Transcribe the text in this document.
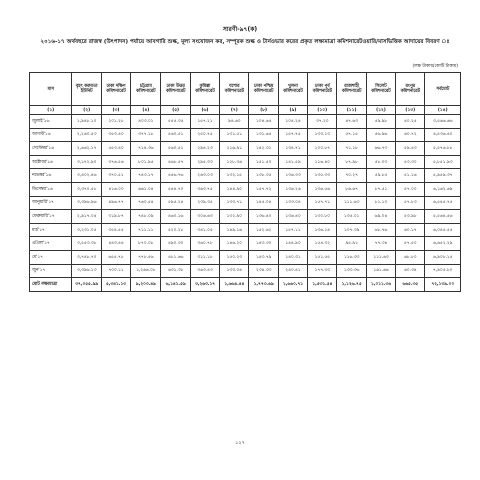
সারণী-৯৭(ক)
২০১৬-১৭ অর্থবছরে রাজস্ব (উৎপাদন) পর্যায়ে আবগারি শুল্ক, মূল্য সংযোজন কর, সম্পূরক শুল্ক ও টার্নওভার করের প্রকৃত লক্ষ্যমাত্রা কমিশনারেটওয়ারি/মাসভিত্তিক আদায়ের বিবরণ ঃ
(লক্ষ টাকায়/কোটি টাকায়)
মাস	বৃহৎ করদাতা ইউনিট	ঢাকা দক্ষিণ কমিশনারেট	চট্টগ্রাম কমিশনারেট	ঢাকা উত্তর কমিশনারেট	কুমিল্লা কমিশনারেট	যশোর কমিশনারেট	ঢাকা পশ্চিম কমিশনারেট	খুলনা কমিশনারেট	ঢাকা পূর্ব কমিশনারেট	রাজশাহী কমিশনারেট	সিলেট কমিশনারেট	রংপুর কমিশনারেট	সর্বমোট
(১)	(২)	(৩)	(৪)	(৫)	(৬)	(৭)	(৮)	(৯)	(১০)	(১১)	(১২)	(১৩)	(১৪)
জুলাই'১৬	১,৯৪৮.১০	২০১.২৮	৪০৩.০১	৫৫৫.৩৫	১৫৭.২১	৯৪.৬০	১০৪.৬৫	১০৪.২৪	৩৭.২০	৪৭.৬৩	৫৯.৯৮	৪০.২৫	৩,৫৬৬.৬৬
আগস্ট'১৬	২,২৬০.৫৩	৩৫৩.৪০	৩৭৭.১৮	৫৬০.৫১	২৫০.৭৫	১৩১.৫১	১৩১.৬৫	১৫৭.৭৫	১৩৩.১৩	৫৭.১৫	৫৬.৯৬	৬০.৭২	৪,৫৩৬.৪০
সেপ্টেম্বর'১৬	২,৬৬২.১৭	৫৫৩.৪০	৭১৪.৩৬	৫৬০.৫১	২৯৪.২৩	২১৬.৯১	১৪২.৩১	১৩৪.৭১	১০০.৮৭	৭১.১৮	৬৬.৭৩	৫৯.৪৩	৫,৫৭৬.৮৮
অক্টোবর'১৬	৩,১৭২.৯০	৩৭৬.৫৬	৮০১.৯৫	৪৬৮.৫৭	২৯৫.৩৩	১২৮.৩৬	১৫১.৫০	১৪১.৫৯	১১৬.৪০	৮৭.৯৮	৫৮.০৩	৫৩.৩০	৫,৮৫১.৯৩
নভেম্বর'১৬	৩,৪০২.৪৬	৩৭০.৫১	৭৪৩.১৭	৪৫৬.৭৬	২৬৩.০৩	১৩২.১৫	১৩৮.৩৫	১৩৬.৩৩	১৩৫.৩৩	৭০.২৭	৫৯.৮৫	৫১.১৬	৫,৯৫৯.৩৭
ডিসেম্বর'১৬	৩,৩৭০.৫৮	৪১৬.০০	৬৬১.০৪	৫৪৪.৭০	৩৬৩.৭৫	১৪৪.৯০	১৫৭.৭২	১৩৬.২৬	১৩৬.৫৬	৮৬.৬৭	৮৭.৫১	৫৭.০০	৬,১৬২.৬৯
জানুয়ারি'১৭	৩,৩৯৬.৯৬	৪৯৬.৭৭	৭৬০.৫৪	৫৯৫.২৪	২৩৯.৩৫	১৩৩.৭১	১৪৫.০৪	১৩৩.০৪	১৫৭.৭১	১১১.৬৩	৮১.১০	৫৭.৮৩	৬,৫৪৫.৭৫
ফেব্রুয়ারি'১৭	২,৯১৭.০৪	৩১৯.৮৭	৭৪৮.০৯	৪৬০.১৬	৩০৬.৬৩	১৩২.৯০	১৩৬.৪০	১৩৬.৪০	১৩০.৮০	১৩৫.০১	৬৯.০৪	৫৩.৯৮	৫,৫৬৪.৫৬
মার্চ'১৭	৩,২৩১.০৫	৩৫৪.৫৫	৭১১.১১	৫২০.২৮	৩৪১.০৫	১৪৯.১৬	১৫২.৬২	১৫৭.১১	১৩৬.১৪	১০৭.৩৯	৬৮.৭৬	৬০.১৭	৬,০৪৫.৫৫
এপ্রিল'১৭	৩,৫৫৩.৩৮	৪৪৩.৪৪	৮৭০.০৮	৪৯০.৩০	৩৬০.৭৮	১৪৬.২০	১৪৩.৩০	১৪৪.৯০	১৫৪.৩২	৯৫.৯১	৭৭.৩৪	৫৭.৫০	৬,৬৫২.২৯
মে'১৭	৩,৭৪৮.৭০	৬৫৫.৭৮	৭৭৮.৫৬	৪৮১.৬৬	৩১১.১৮	১৫০.২৩	১৫৩.৭৯	১৪০.৩১	১৫১.৫৫	১১৬.৩৩	১১১.৬৩	৬৮.৮০	৬,৯০৮.১৫
জুন'১৭	৩,৩৯৬.১৩	৭০০.১১	১,২৬৬.০৮	৬৩১.৩৮	৩৬৩.৪৩	১৩৩.০৪	২৩৪.৩৩	২৪০.৪১	১৭৭.৩৩	১৩৩.৩৬	১৬১.৬৬	৬০.৩৪	৭,৯০৫.৮০
মোট লক্ষ্যমাত্রা	৩৭,০৫৫.৯৯	৫,৩৪১.১৩	৯,২০৩.৪৯	৬,১৪১.৫৯	৩,২৬৩.১৭	১,৬৬৪.৪৪	১,৭৭৩.৬৯	১,৬৬০.৭১	১,৫৩১.৫৪	১,১২৬.৭৫	১,০১১.৩৬	৬৬৫.৩৫	৭২,১৩৯.০০
১২৭
